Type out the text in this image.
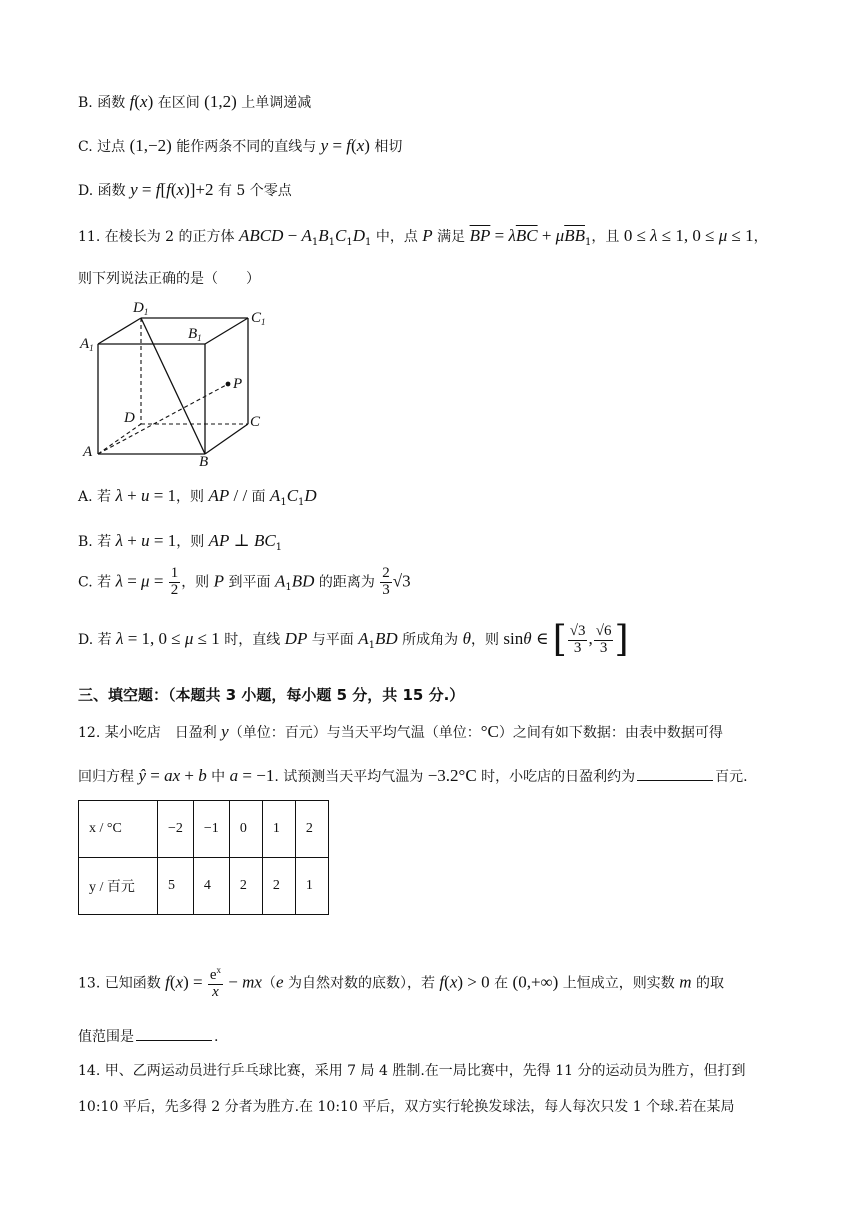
B. 函数 f(x) 在区间 (1,2) 上单调递减
C. 过点 (1,−2) 能作两条不同的直线与 y = f(x) 相切
D. 函数 y = f[f(x)]+2 有 5 个零点
11. 在棱长为 2 的正方体 ABCD − $A_1B_1C_1D_1$ 中，点 P 满足 $\overline{BP} = \lambda\overline{BC} + \mu\overline{BB}_1$，且 0 ≤ λ ≤ 1, 0 ≤ μ ≤ 1，
则下列说法正确的是（　　）
$D_1$	$C_1$
$A_1$
$B_1$
P
D	C
A
B
A. 若 λ + u = 1，则 AP / / 面 $A_1C_1D$
B. 若 λ + u = 1，则 AP ⊥ $BC_1$
C. 若 $\lambda = \mu = \frac{1}{2}$ ，则 P 到平面 $A_1BD$ 的距离为 $\frac{2}{3} √3$
D. 若 λ = 1, 0 ≤ μ ≤ 1 时，直线 DP 与平面 $A_1BD$ 所成角为 θ，则 sinθ ∈ [ $\frac{√3}{3}$ , $\frac{√6}{3}$ ]
三、填空题：（本题共 3 小题，每小题 5 分，共 15 分.）
12. 某小吃店　日盈利 y（单位：百元）与当天平均气温（单位：°C）之间有如下数据：由表中数据可得
回归方程 ŷ = ax + b 中 a = −1. 试预测当天平均气温为 −3.2°C 时，小吃店的日盈利约为	百元.
x / °C	−2	−1	0	1	2
y / 百元	5	4	2	2	1
13. 已知函数 $f(x) = \frac{e^x}{x} - mx(e$ 为自然对数的底数），若 f(x) > 0 在 (0,+∞) 上恒成立，则实数 m 的取
值范围是	.
14. 甲、乙两运动员进行乒乓球比赛，采用 7 局 4 胜制.在一局比赛中，先得 11 分的运动员为胜方，但打到
10:10 平后，先多得 2 分者为胜方.在 10:10 平后，双方实行轮换发球法，每人每次只发 1 个球.若在某局
